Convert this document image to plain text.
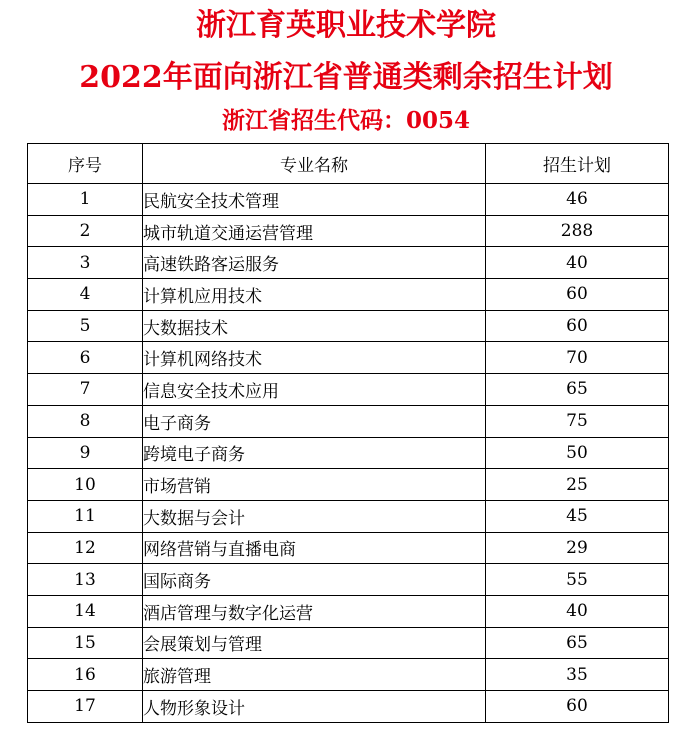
浙江育英职业技术学院
2022年面向浙江省普通类剩余招生计划
浙江省招生代码：0054
序号	专业名称	招生计划
1	民航安全技术管理	46
2	城市轨道交通运营管理	288
3	高速铁路客运服务	40
4	计算机应用技术	60
5	大数据技术	60
6	计算机网络技术	70
7	信息安全技术应用	65
8	电子商务	75
9	跨境电子商务	50
10	市场营销	25
11	大数据与会计	45
12	网络营销与直播电商	29
13	国际商务	55
14	酒店管理与数字化运营	40
15	会展策划与管理	65
16	旅游管理	35
17	人物形象设计	60
